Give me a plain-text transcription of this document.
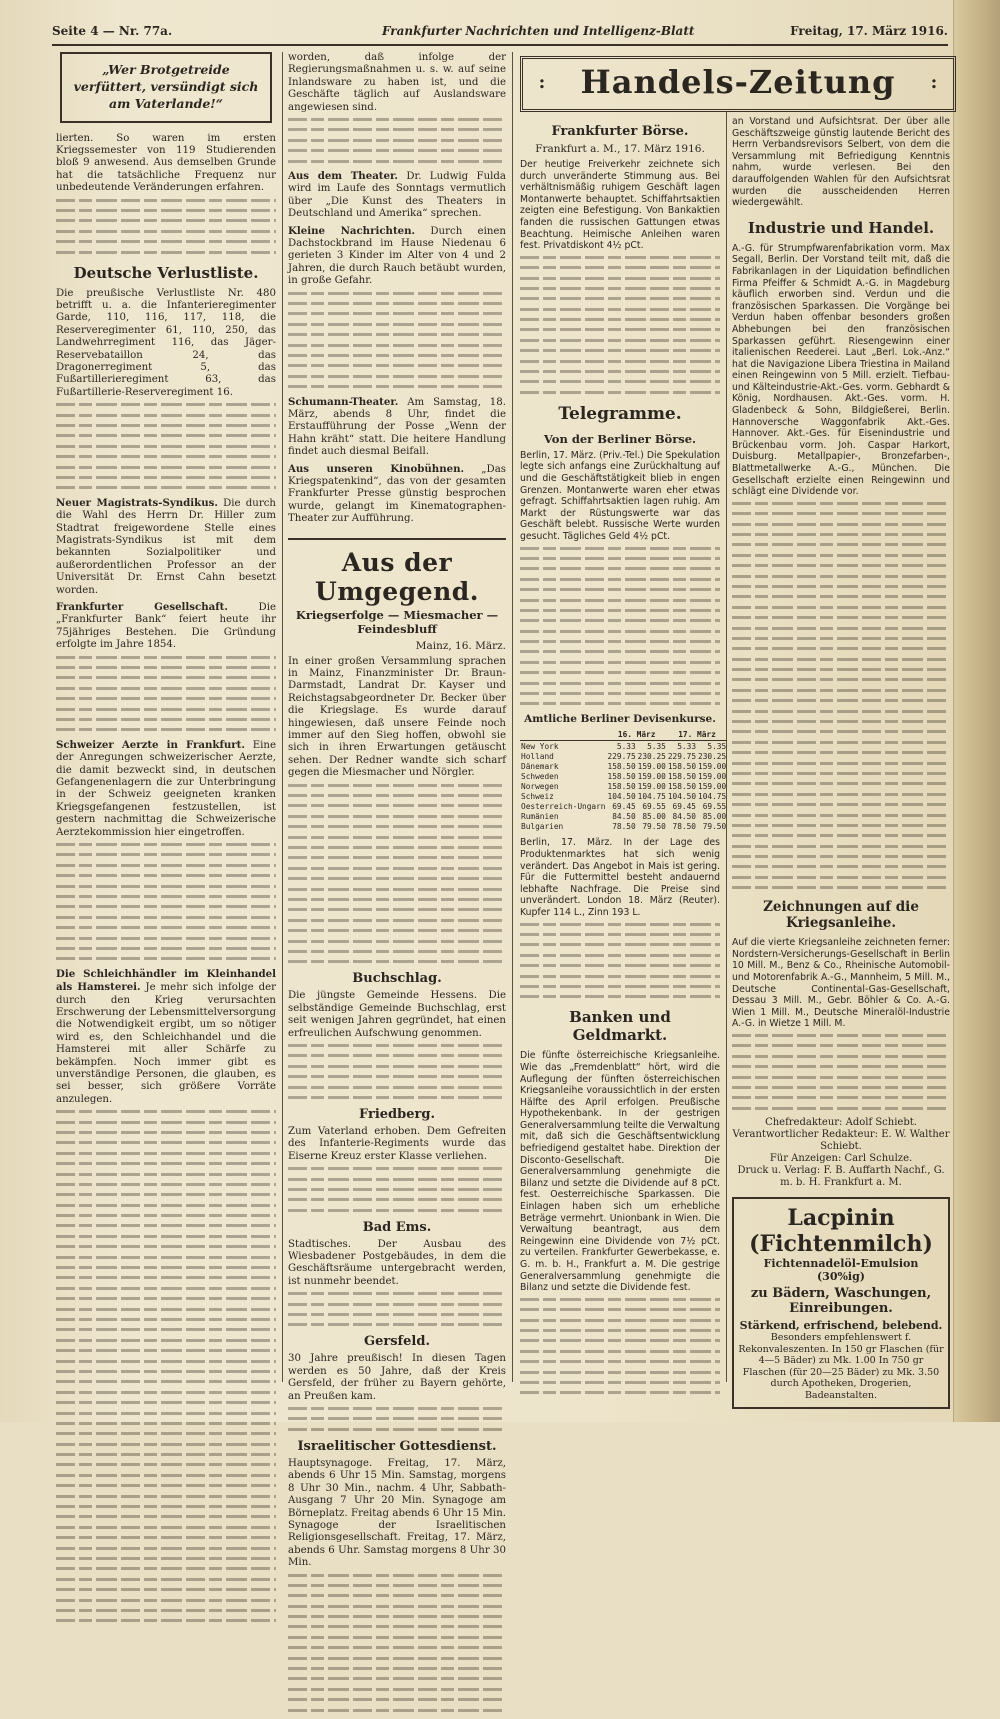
Seite 4 — Nr. 77a.	Frankfurter Nachrichten und Intelligenz-Blatt	Freitag, 17. März 1916.
„Wer Brotgetreide verfüttert, versündigt sich am Vaterlande!“

lierten. So waren im ersten Kriegssemester von 119 Studierenden bloß 9 anwesend. Aus demselben Grunde hat die tatsächliche Frequenz nur unbedeutende Veränderungen erfahren.

Deutsche Verlustliste.

Die preußische Verlustliste Nr. 480 betrifft u. a. die Infanterieregimenter Garde, 110, 116, 117, 118, die Reserveregimenter 61, 110, 250, das Landwehrregiment 116, das Jäger-Reservebataillon 24, das Dragonerregiment 5, das Fußartillerieregiment 63, das Fußartillerie-Reserveregiment 16.

Neuer Magistrats-Syndikus. Die durch die Wahl des Herrn Dr. Hiller zum Stadtrat freigewordene Stelle eines Magistrats-Syndikus ist mit dem bekannten Sozialpolitiker und außerordentlichen Professor an der Universität Dr. Ernst Cahn besetzt worden.

Frankfurter Gesellschaft.	Die „Frankfurter Bank“ feiert heute ihr 75jähriges Bestehen. Die Gründung erfolgte im Jahre 1854.

Schweizer Aerzte in Frankfurt. Eine der Anregungen schweizerischer Aerzte, die damit bezweckt sind, in deutschen Gefangenenlagern die zur Unterbringung in der Schweiz geeigneten kranken Kriegsgefangenen festzustellen, ist gestern nachmittag die Schweizerische Aerztekommission hier eingetroffen.

Die Schleichhändler im Kleinhandel als Hamsterei. Je mehr sich infolge der durch den Krieg verursachten Erschwerung der Lebensmittelversorgung die Notwendigkeit ergibt, um so nötiger wird es, den Schleichhandel und die Hamsterei mit aller Schärfe zu bekämpfen. Noch immer gibt es unverständige Personen, die glauben, es sei besser, sich größere Vorräte anzulegen.

worden, daß infolge der Regierungsmaßnahmen u. s. w. auf seine Inlandsware zu haben ist, und die Geschäfte täglich auf Auslandsware angewiesen sind.

Aus dem Theater. Dr. Ludwig Fulda wird im Laufe des Sonntags vermutlich über „Die Kunst des Theaters in Deutschland und Amerika“ sprechen.

Kleine Nachrichten. Durch einen Dachstockbrand im Hause Niedenau 6 gerieten 3 Kinder im Alter von 4 und 2 Jahren, die durch Rauch betäubt wurden, in große Gefahr.

Schumann-Theater. Am Samstag, 18. März, abends 8 Uhr, findet die Erstaufführung der Posse „Wenn der Hahn kräht“ statt. Die heitere Handlung findet auch diesmal Beifall.

Aus unseren Kinobühnen. „Das Kriegspatenkind“, das von der gesamten Frankfurter Presse günstig besprochen wurde, gelangt im Kinematographen-Theater zur Aufführung.

Aus der Umgegend.
Kriegserfolge — Miesmacher — Feindesbluff
Mainz, 16. März.

In einer großen Versammlung sprachen in Mainz, Finanzminister Dr. Braun-Darmstadt, Landrat Dr. Kayser und Reichstagsabgeordneter Dr. Becker über die Kriegslage. Es wurde darauf hingewiesen, daß unsere Feinde noch immer auf den Sieg hoffen, obwohl sie sich in ihren Erwartungen getäuscht sehen. Der Redner wandte sich scharf gegen die Miesmacher und Nörgler.

Buchschlag.

Die jüngste Gemeinde Hessens. Die selbständige Gemeinde Buchschlag, erst seit wenigen Jahren gegründet, hat einen erfreulichen Aufschwung genommen.

Friedberg.

Zum Vaterland erhoben. Dem Gefreiten des Infanterie-Regiments wurde das Eiserne Kreuz erster Klasse verliehen.

Bad Ems.

Stadtisches. Der Ausbau des Wiesbadener Postgebäudes, in dem die Geschäftsräume untergebracht werden, ist nunmehr beendet.

Gersfeld.

30 Jahre preußisch! In diesen Tagen werden es 50 Jahre, daß der Kreis Gersfeld, der früher zu Bayern gehörte, an Preußen kam.

Israelitischer Gottesdienst.

Hauptsynagoge. Freitag, 17. März, abends 6 Uhr 15 Min. Samstag, morgens 8 Uhr 30 Min., nachm. 4 Uhr, Sabbath-Ausgang 7 Uhr 20 Min. Synagoge am Börneplatz. Freitag abends 6 Uhr 15 Min. Synagoge der Israelitischen Religionsgesellschaft. Freitag, 17. März, abends 6 Uhr. Samstag morgens 8 Uhr 30 Min.

:	Handels-Zeitung	:
Frankfurter Börse.
Frankfurt a. M., 17. März 1916.

Der heutige Freiverkehr zeichnete sich durch unveränderte Stimmung aus. Bei verhältnismäßig ruhigem Geschäft lagen Montanwerte behauptet. Schiffahrtsaktien zeigten eine Befestigung. Von Bankaktien fanden die russischen Gattungen etwas Beachtung. Heimische Anleihen waren fest. Privatdiskont 4½ pCt.

Telegramme.
Von der Berliner Börse.

Berlin, 17. März. (Priv.-Tel.) Die Spekulation legte sich anfangs eine Zurückhaltung auf und die Geschäftstätigkeit blieb in engen Grenzen. Montanwerte waren eher etwas gefragt. Schiffahrtsaktien lagen ruhig. Am Markt der Rüstungswerte war das Geschäft belebt. Russische Werte wurden gesucht. Tägliches Geld 4½ pCt.

Amtliche Berliner Devisenkurse.
	16. März		17. März	
New York	5.33	5.35	5.33	5.35
Holland	229.75	230.25	229.75	230.25
Dänemark	158.50	159.00	158.50	159.00
Schweden	158.50	159.00	158.50	159.00
Norwegen	158.50	159.00	158.50	159.00
Schweiz	104.50	104.75	104.50	104.75
Oesterreich-Ungarn	69.45	69.55	69.45	69.55
Rumänien	84.50	85.00	84.50	85.00
Bulgarien	78.50	79.50	78.50	79.50

Berlin, 17. März. In der Lage des Produktenmarktes hat sich wenig verändert. Das Angebot in Mais ist gering. Für die Futtermittel besteht andauernd lebhafte Nachfrage. Die Preise sind unverändert. London 18. März (Reuter). Kupfer 114 L., Zinn 193 L.

Banken und Geldmarkt.

Die fünfte österreichische Kriegsanleihe. Wie das „Fremdenblatt“ hört, wird die Auflegung der fünften österreichischen Kriegsanleihe voraussichtlich in der ersten Hälfte des April erfolgen. Preußische Hypothekenbank. In der gestrigen Generalversammlung teilte die Verwaltung mit, daß sich die Geschäftsentwicklung befriedigend gestaltet habe. Direktion der Disconto-Gesellschaft. Die Generalversammlung genehmigte die Bilanz und setzte die Dividende auf 8 pCt. fest. Oesterreichische Sparkassen. Die Einlagen haben sich um erhebliche Beträge vermehrt. Unionbank in Wien. Die Verwaltung beantragt, aus dem Reingewinn eine Dividende von 7½ pCt. zu verteilen. Frankfurter Gewerbekasse, e. G. m. b. H., Frankfurt a. M. Die gestrige Generalversammlung genehmigte die Bilanz und setzte die Dividende fest.

an Vorstand und Aufsichtsrat. Der über alle Geschäftszweige günstig lautende Bericht des Herrn Verbandsrevisors Selbert, von dem die Versammlung mit Befriedigung Kenntnis nahm, wurde verlesen. Bei den darauffolgenden Wahlen für den Aufsichtsrat wurden die ausscheidenden Herren wiedergewählt.

Industrie und Handel.

A.-G. für Strumpfwarenfabrikation vorm. Max Segall, Berlin. Der Vorstand teilt mit, daß die Fabrikanlagen in der Liquidation befindlichen Firma Pfeiffer & Schmidt A.-G. in Magdeburg käuflich erworben sind. Verdun und die französischen Sparkassen. Die Vorgänge bei Verdun haben offenbar besonders großen Abhebungen bei den französischen Sparkassen geführt. Riesengewinn einer italienischen Reederei. Laut „Berl. Lok.-Anz.“ hat die Navigazione Libera Triestina in Mailand einen Reingewinn von 5 Mill. erzielt. Tiefbau- und Kälteindustrie-Akt.-Ges. vorm. Gebhardt & König, Nordhausen. Akt.-Ges. vorm. H. Gladenbeck & Sohn, Bildgießerei, Berlin. Hannoversche Waggonfabrik Akt.-Ges. Hannover. Akt.-Ges. für Eisenindustrie und Brückenbau vorm. Joh. Caspar Harkort, Duisburg. Metallpapier-, Bronzefarben-, Blattmetallwerke A.-G., München. Die Gesellschaft erzielte einen Reingewinn und schlägt eine Dividende vor.

Zeichnungen auf die Kriegsanleihe.

Auf die vierte Kriegsanleihe zeichneten ferner: Nordstern-Versicherungs-Gesellschaft in Berlin 10 Mill. M., Benz & Co., Rheinische Automobil- und Motorenfabrik A.-G., Mannheim, 5 Mill. M., Deutsche Continental-Gas-Gesellschaft, Dessau 3 Mill. M., Gebr. Böhler & Co. A.-G. Wien 1 Mill. M., Deutsche Mineralöl-Industrie A.-G. in Wietze 1 Mill. M.

Chefredakteur: Adolf Schiebt.
Verantwortlicher Redakteur: E. W. Walther Schiebt.
Für Anzeigen: Carl Schulze.
Druck u. Verlag: F. B. Auffarth Nachf., G. m. b. H. Frankfurt a. M.
Lacpinin (Fichtenmilch)
Fichtennadelöl-Emulsion (30%ig)
zu Bädern, Waschungen, Einreibungen.
Stärkend, erfrischend, belebend.
Besonders empfehlenswert f. Rekonvaleszenten. In 150 gr Flaschen (für 4—5 Bäder) zu Mk. 1.00 In 750 gr Flaschen (für 20—25 Bäder) zu Mk. 3.50 durch Apotheken, Drogerien, Badeanstalten.
